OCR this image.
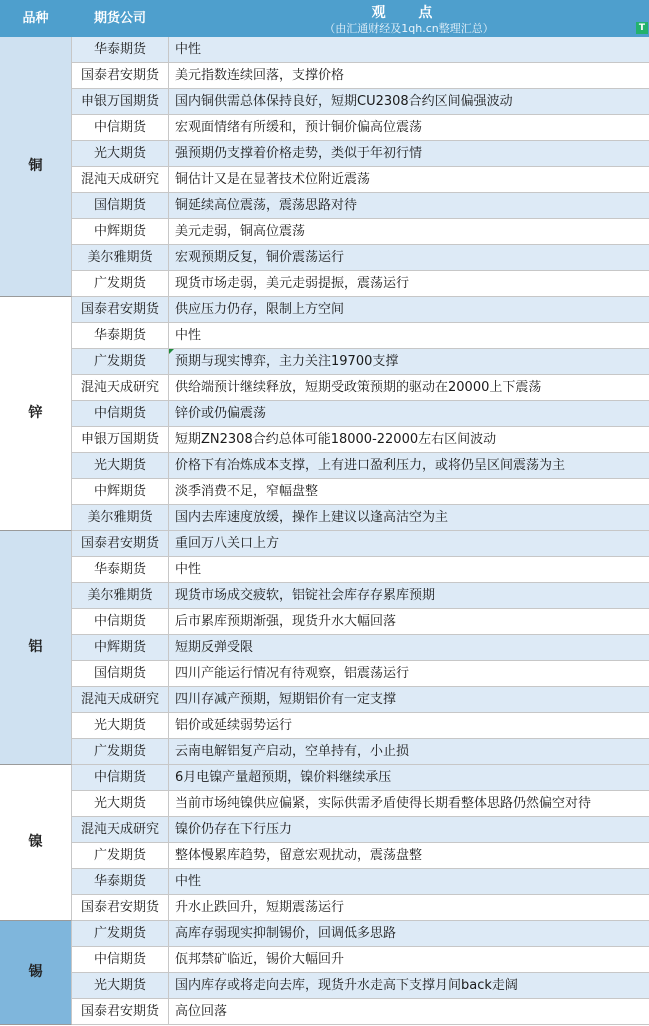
品种	期货公司	观 点
（由汇通财经及1qh.cn整理汇总）	T
铜
华泰期货	中性
国泰君安期货	美元指数连续回落，支撑价格
申银万国期货	国内铜供需总体保持良好，短期CU2308合约区间偏强波动
中信期货	宏观面情绪有所缓和，预计铜价偏高位震荡
光大期货	强预期仍支撑着价格走势，类似于年初行情
混沌天成研究	铜估计又是在显著技术位附近震荡
国信期货	铜延续高位震荡，震荡思路对待
中辉期货	美元走弱，铜高位震荡
美尔雅期货	宏观预期反复，铜价震荡运行
广发期货	现货市场走弱，美元走弱提振，震荡运行
锌
国泰君安期货	供应压力仍存，限制上方空间
华泰期货	中性
广发期货	预期与现实博弈，主力关注19700支撑
混沌天成研究	供给端预计继续释放，短期受政策预期的驱动在20000上下震荡
中信期货	锌价或仍偏震荡
申银万国期货	短期ZN2308合约总体可能18000-22000左右区间波动
光大期货	价格下有冶炼成本支撑，上有进口盈利压力，或将仍呈区间震荡为主
中辉期货	淡季消费不足，窄幅盘整
美尔雅期货	国内去库速度放缓，操作上建议以逢高沽空为主
铝
国泰君安期货	重回万八关口上方
华泰期货	中性
美尔雅期货	现货市场成交疲软，铝锭社会库存存累库预期
中信期货	后市累库预期渐强，现货升水大幅回落
中辉期货	短期反弹受限
国信期货	四川产能运行情况有待观察，铝震荡运行
混沌天成研究	四川存减产预期，短期铝价有一定支撑
光大期货	铝价或延续弱势运行
广发期货	云南电解铝复产启动，空单持有，小止损
镍
中信期货	6月电镍产量超预期，镍价料继续承压
光大期货	当前市场纯镍供应偏紧，实际供需矛盾使得长期看整体思路仍然偏空对待
混沌天成研究	镍价仍存在下行压力
广发期货	整体慢累库趋势，留意宏观扰动，震荡盘整
华泰期货	中性
国泰君安期货	升水止跌回升，短期震荡运行
锡
广发期货	高库存弱现实抑制锡价，回调低多思路
中信期货	佤邦禁矿临近，锡价大幅回升
光大期货	国内库存或将走向去库，现货升水走高下支撑月间back走阔
国泰君安期货	高位回落
